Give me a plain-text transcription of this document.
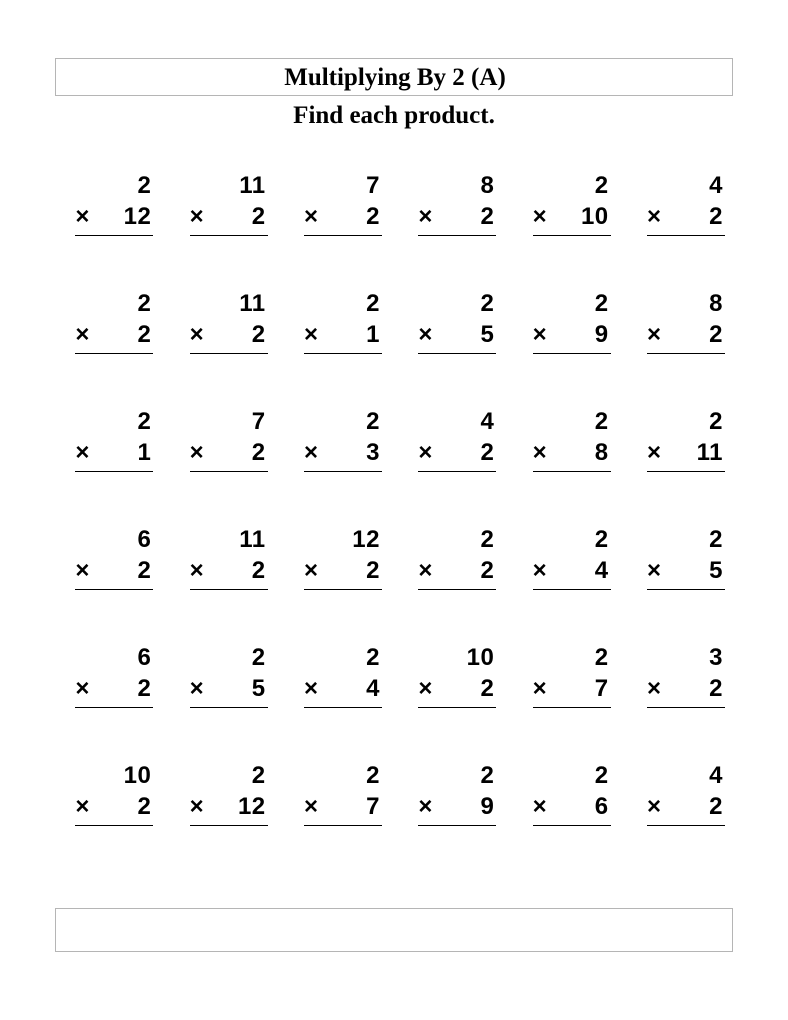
Multiplying By 2 (A)
Find each product.
2
× 12
11
× 2
7
× 2
8
× 2
2
× 10
4
× 2
2
× 2
11
× 2
2
× 1
2
× 5
2
× 9
8
× 2
2
× 1
7
× 2
2
× 3
4
× 2
2
× 8
2
× 11
6
× 2
11
× 2
12
× 2
2
× 2
2
× 4
2
× 5
6
× 2
2
× 5
2
× 4
10
× 2
2
× 7
3
× 2
10
× 2
2
× 12
2
× 7
2
× 9
2
× 6
4
× 2
